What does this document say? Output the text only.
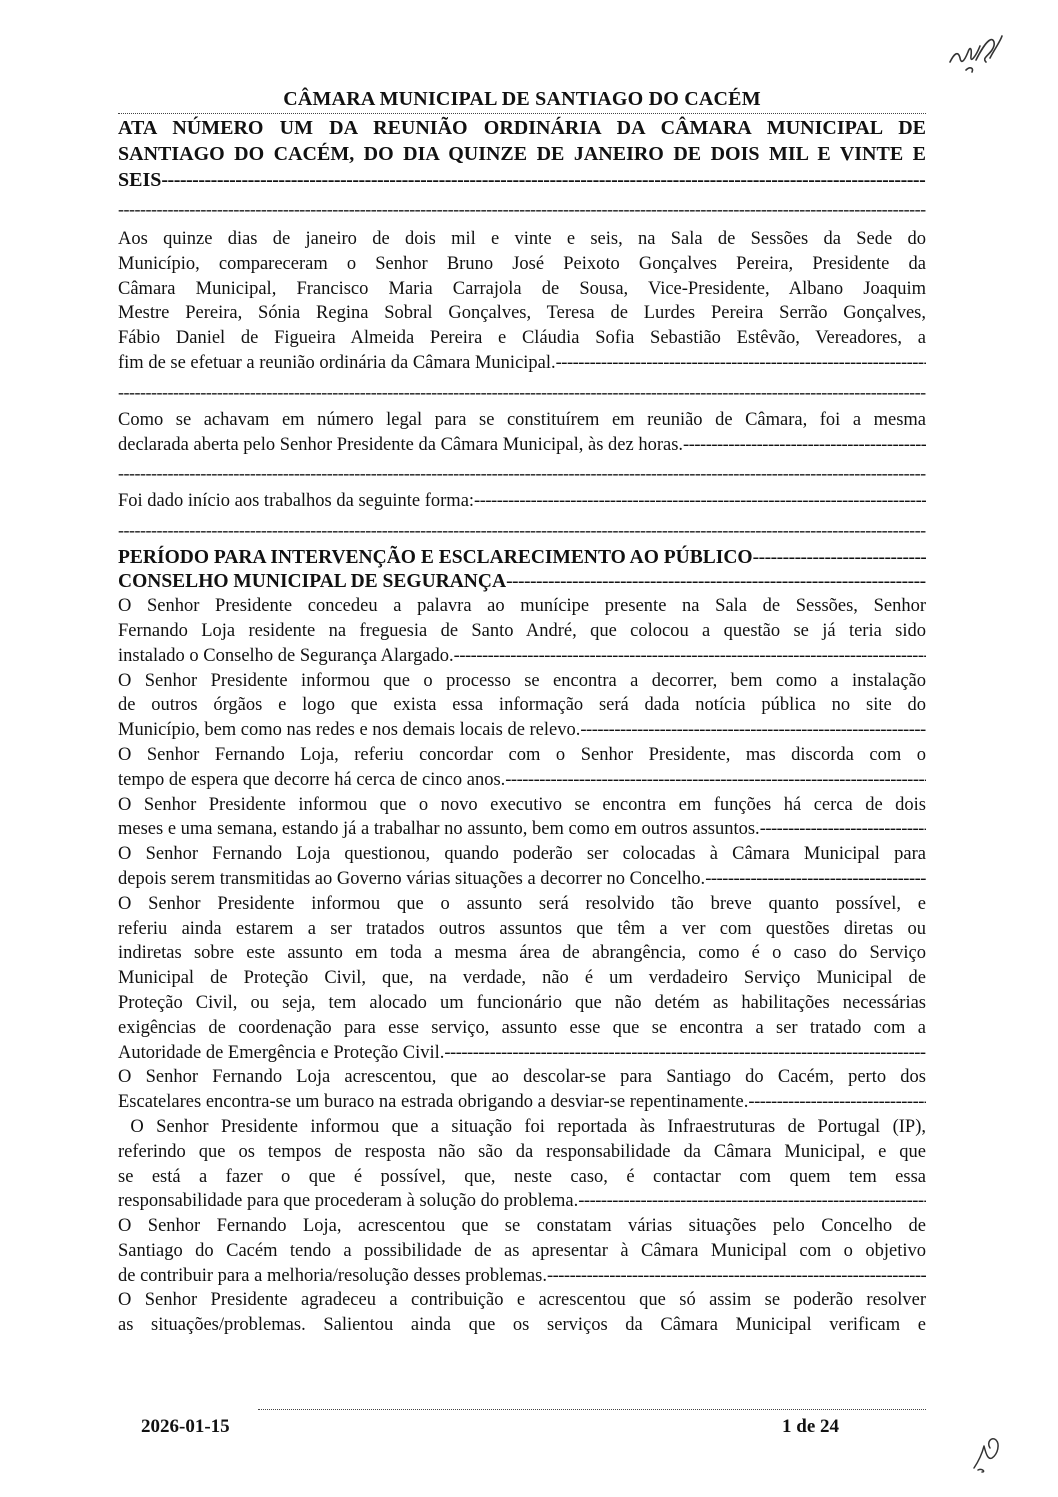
CÂMARA MUNICIPAL DE SANTIAGO DO CACÉM
ATA NÚMERO UM DA REUNIÃO ORDINÁRIA DA CÂMARA MUNICIPAL DE
SANTIAGO DO CACÉM, DO DIA QUINZE DE JANEIRO DE DOIS MIL E VINTE E
SEIS
-----
-----
Aos quinze dias de janeiro de dois mil e vinte e seis, na Sala de Sessões da Sede do
Município, compareceram o Senhor Bruno José Peixoto Gonçalves Pereira, Presidente da
Câmara Municipal, Francisco Maria Carrajola de Sousa, Vice-Presidente, Albano Joaquim
Mestre Pereira, Sónia Regina Sobral Gonçalves, Teresa de Lurdes Pereira Serrão Gonçalves,
Fábio Daniel de Figueira Almeida Pereira e Cláudia Sofia Sebastião Estêvão, Vereadores, a
fim de se efetuar a reunião ordinária da Câmara Municipal.
-----
-----
Como se achavam em número legal para se constituírem em reunião de Câmara, foi a mesma
declarada aberta pelo Senhor Presidente da Câmara Municipal, às dez horas.
-----
-----
Foi dado início aos trabalhos da seguinte forma:
-----
-----
PERÍODO PARA INTERVENÇÃO E ESCLARECIMENTO AO PÚBLICO
-----
CONSELHO MUNICIPAL DE SEGURANÇA
-----
O Senhor Presidente concedeu a palavra ao munícipe presente na Sala de Sessões, Senhor
Fernando Loja residente na freguesia de Santo André, que colocou a questão se já teria sido
instalado o Conselho de Segurança Alargado.
-----
O Senhor Presidente informou que o processo se encontra a decorrer, bem como a instalação
de outros órgãos e logo que exista essa informação será dada notícia pública no site do
Município, bem como nas redes e nos demais locais de relevo.
-----
O Senhor Fernando Loja, referiu concordar com o Senhor Presidente, mas discorda com o
tempo de espera que decorre há cerca de cinco anos.
-----
O Senhor Presidente informou que o novo executivo se encontra em funções há cerca de dois
meses e uma semana, estando já a trabalhar no assunto, bem como em outros assuntos.
-----
O Senhor Fernando Loja questionou, quando poderão ser colocadas à Câmara Municipal para
depois serem transmitidas ao Governo várias situações a decorrer no Concelho.
-----
O Senhor Presidente informou que o assunto será resolvido tão breve quanto possível, e
referiu ainda estarem a ser tratados outros assuntos que têm a ver com questões diretas ou
indiretas sobre este assunto em toda a mesma área de abrangência, como é o caso do Serviço
Municipal de Proteção Civil, que, na verdade, não é um verdadeiro Serviço Municipal de
Proteção Civil, ou seja, tem alocado um funcionário que não detém as habilitações necessárias
exigências de coordenação para esse serviço, assunto esse que se encontra a ser tratado com a
Autoridade de Emergência e Proteção Civil.
-----
O Senhor Fernando Loja acrescentou, que ao descolar-se para Santiago do Cacém, perto dos
Escatelares encontra-se um buraco na estrada obrigando a desviar-se repentinamente.
-----
O Senhor Presidente informou que a situação foi reportada às Infraestruturas de Portugal (IP),
referindo que os tempos de resposta não são da responsabilidade da Câmara Municipal, e que
se está a fazer o que é possível, que, neste caso, é contactar com quem tem essa
responsabilidade para que procederam à solução do problema.
-----
O Senhor Fernando Loja, acrescentou que se constatam várias situações pelo Concelho de
Santiago do Cacém tendo a possibilidade de as apresentar à Câmara Municipal com o objetivo
de contribuir para a melhoria/resolução desses problemas.
-----
O Senhor Presidente agradeceu a contribuição e acrescentou que só assim se poderão resolver
as situações/problemas. Salientou ainda que os serviços da Câmara Municipal verificam e
2026-01-15	1 de 24
